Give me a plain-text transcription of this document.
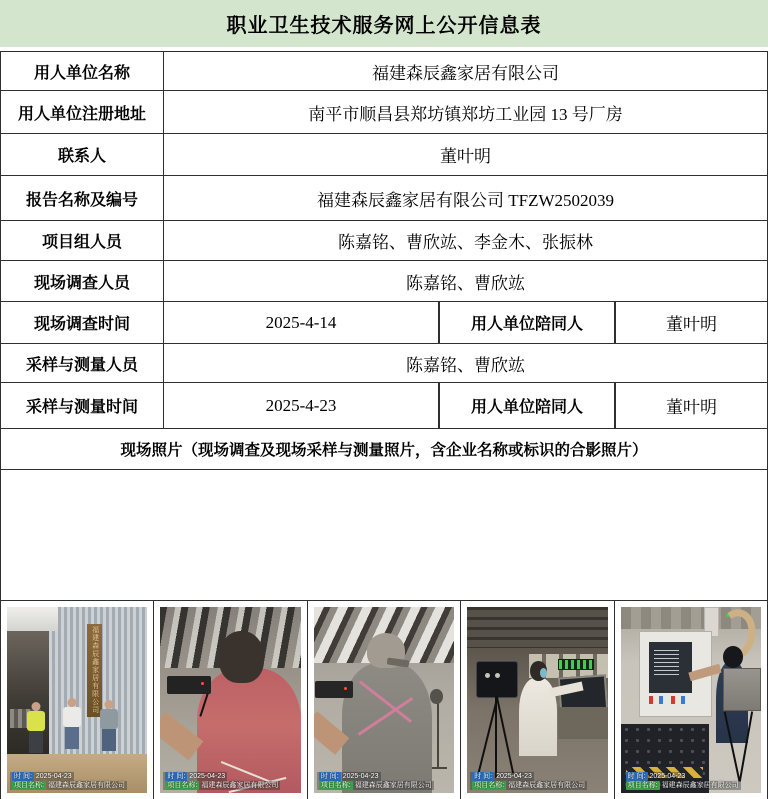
职业卫生技术服务网上公开信息表
用人单位名称	福建森辰鑫家居有限公司
用人单位注册地址	南平市顺昌县郑坊镇郑坊工业园 13 号厂房
联系人	董叶明
报告名称及编号	福建森辰鑫家居有限公司 TFZW2502039
项目组人员	陈嘉铭、曹欣竑、李金木、张振林
现场调查人员	陈嘉铭、曹欣竑
现场调查时间	2025-4-14	用人单位陪同人	董叶明
采样与测量人员	陈嘉铭、曹欣竑
采样与测量时间	2025-4-23	用人单位陪同人	董叶明
现场照片（现场调查及现场采样与测量照片，含企业名称或标识的合影照片）
福建森辰鑫家居有限公司
时 间: 2025-04-23
项目名称: 福建森辰鑫家居有限公司
时 间: 2025-04-23
项目名称: 福建森辰鑫家居有限公司
时 间: 2025-04-23
项目名称: 福建森辰鑫家居有限公司
时 间: 2025-04-23
项目名称: 福建森辰鑫家居有限公司
时 间: 2025-04-23
项目名称: 福建森辰鑫家居有限公司
